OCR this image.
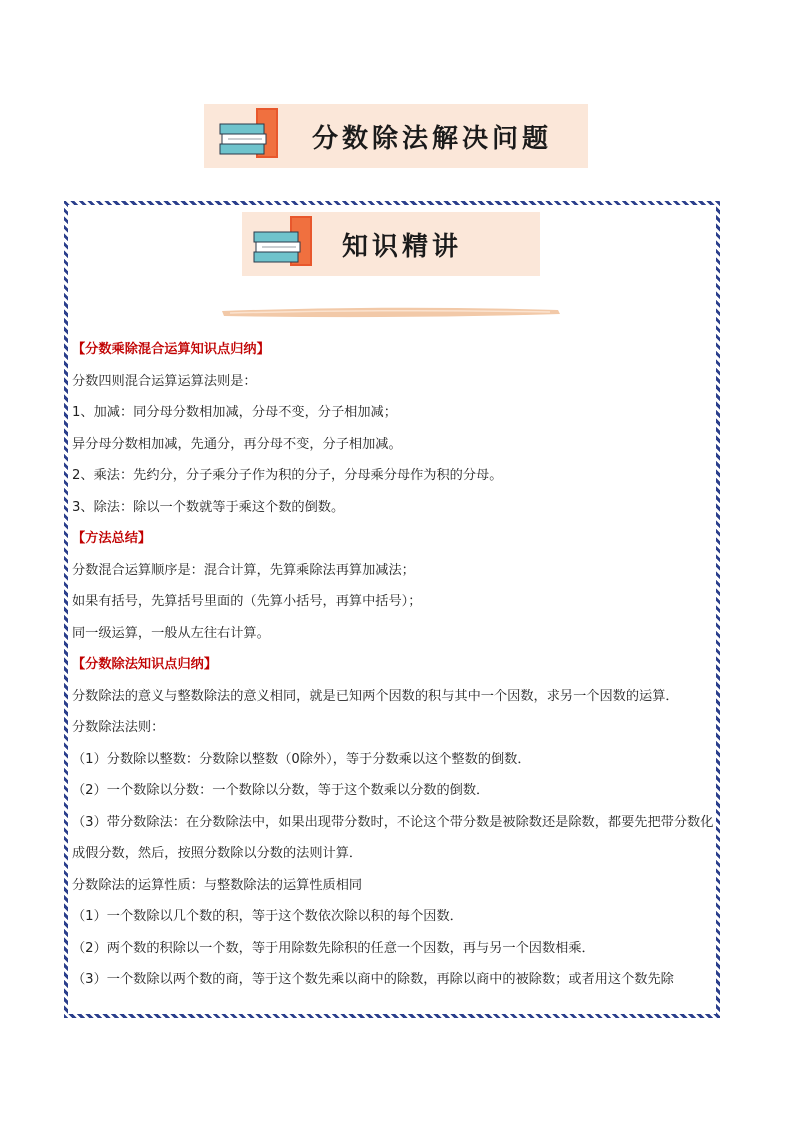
分数除法解决问题
知识精讲

【分数乘除混合运算知识点归纳】

分数四则混合运算运算法则是：

1、加减：同分母分数相加减，分母不变，分子相加减；

异分母分数相加减，先通分，再分母不变，分子相加减。

2、乘法：先约分，分子乘分子作为积的分子，分母乘分母作为积的分母。

3、除法：除以一个数就等于乘这个数的倒数。

【方法总结】

分数混合运算顺序是：混合计算，先算乘除法再算加减法；

如果有括号，先算括号里面的（先算小括号，再算中括号）；

同一级运算，一般从左往右计算。

【分数除法知识点归纳】

分数除法的意义与整数除法的意义相同，就是已知两个因数的积与其中一个因数，求另一个因数的运算．

分数除法法则：

（1）分数除以整数：分数除以整数（0除外），等于分数乘以这个整数的倒数．

（2）一个数除以分数：一个数除以分数，等于这个数乘以分数的倒数．

（3）带分数除法：在分数除法中，如果出现带分数时，不论这个带分数是被除数还是除数，都要先把带分数化成假分数，然后，按照分数除以分数的法则计算．

分数除法的运算性质：与整数除法的运算性质相同

（1）一个数除以几个数的积，等于这个数依次除以积的每个因数．

（2）两个数的积除以一个数，等于用除数先除积的任意一个因数，再与另一个因数相乘．

（3）一个数除以两个数的商，等于这个数先乘以商中的除数，再除以商中的被除数；或者用这个数先除
